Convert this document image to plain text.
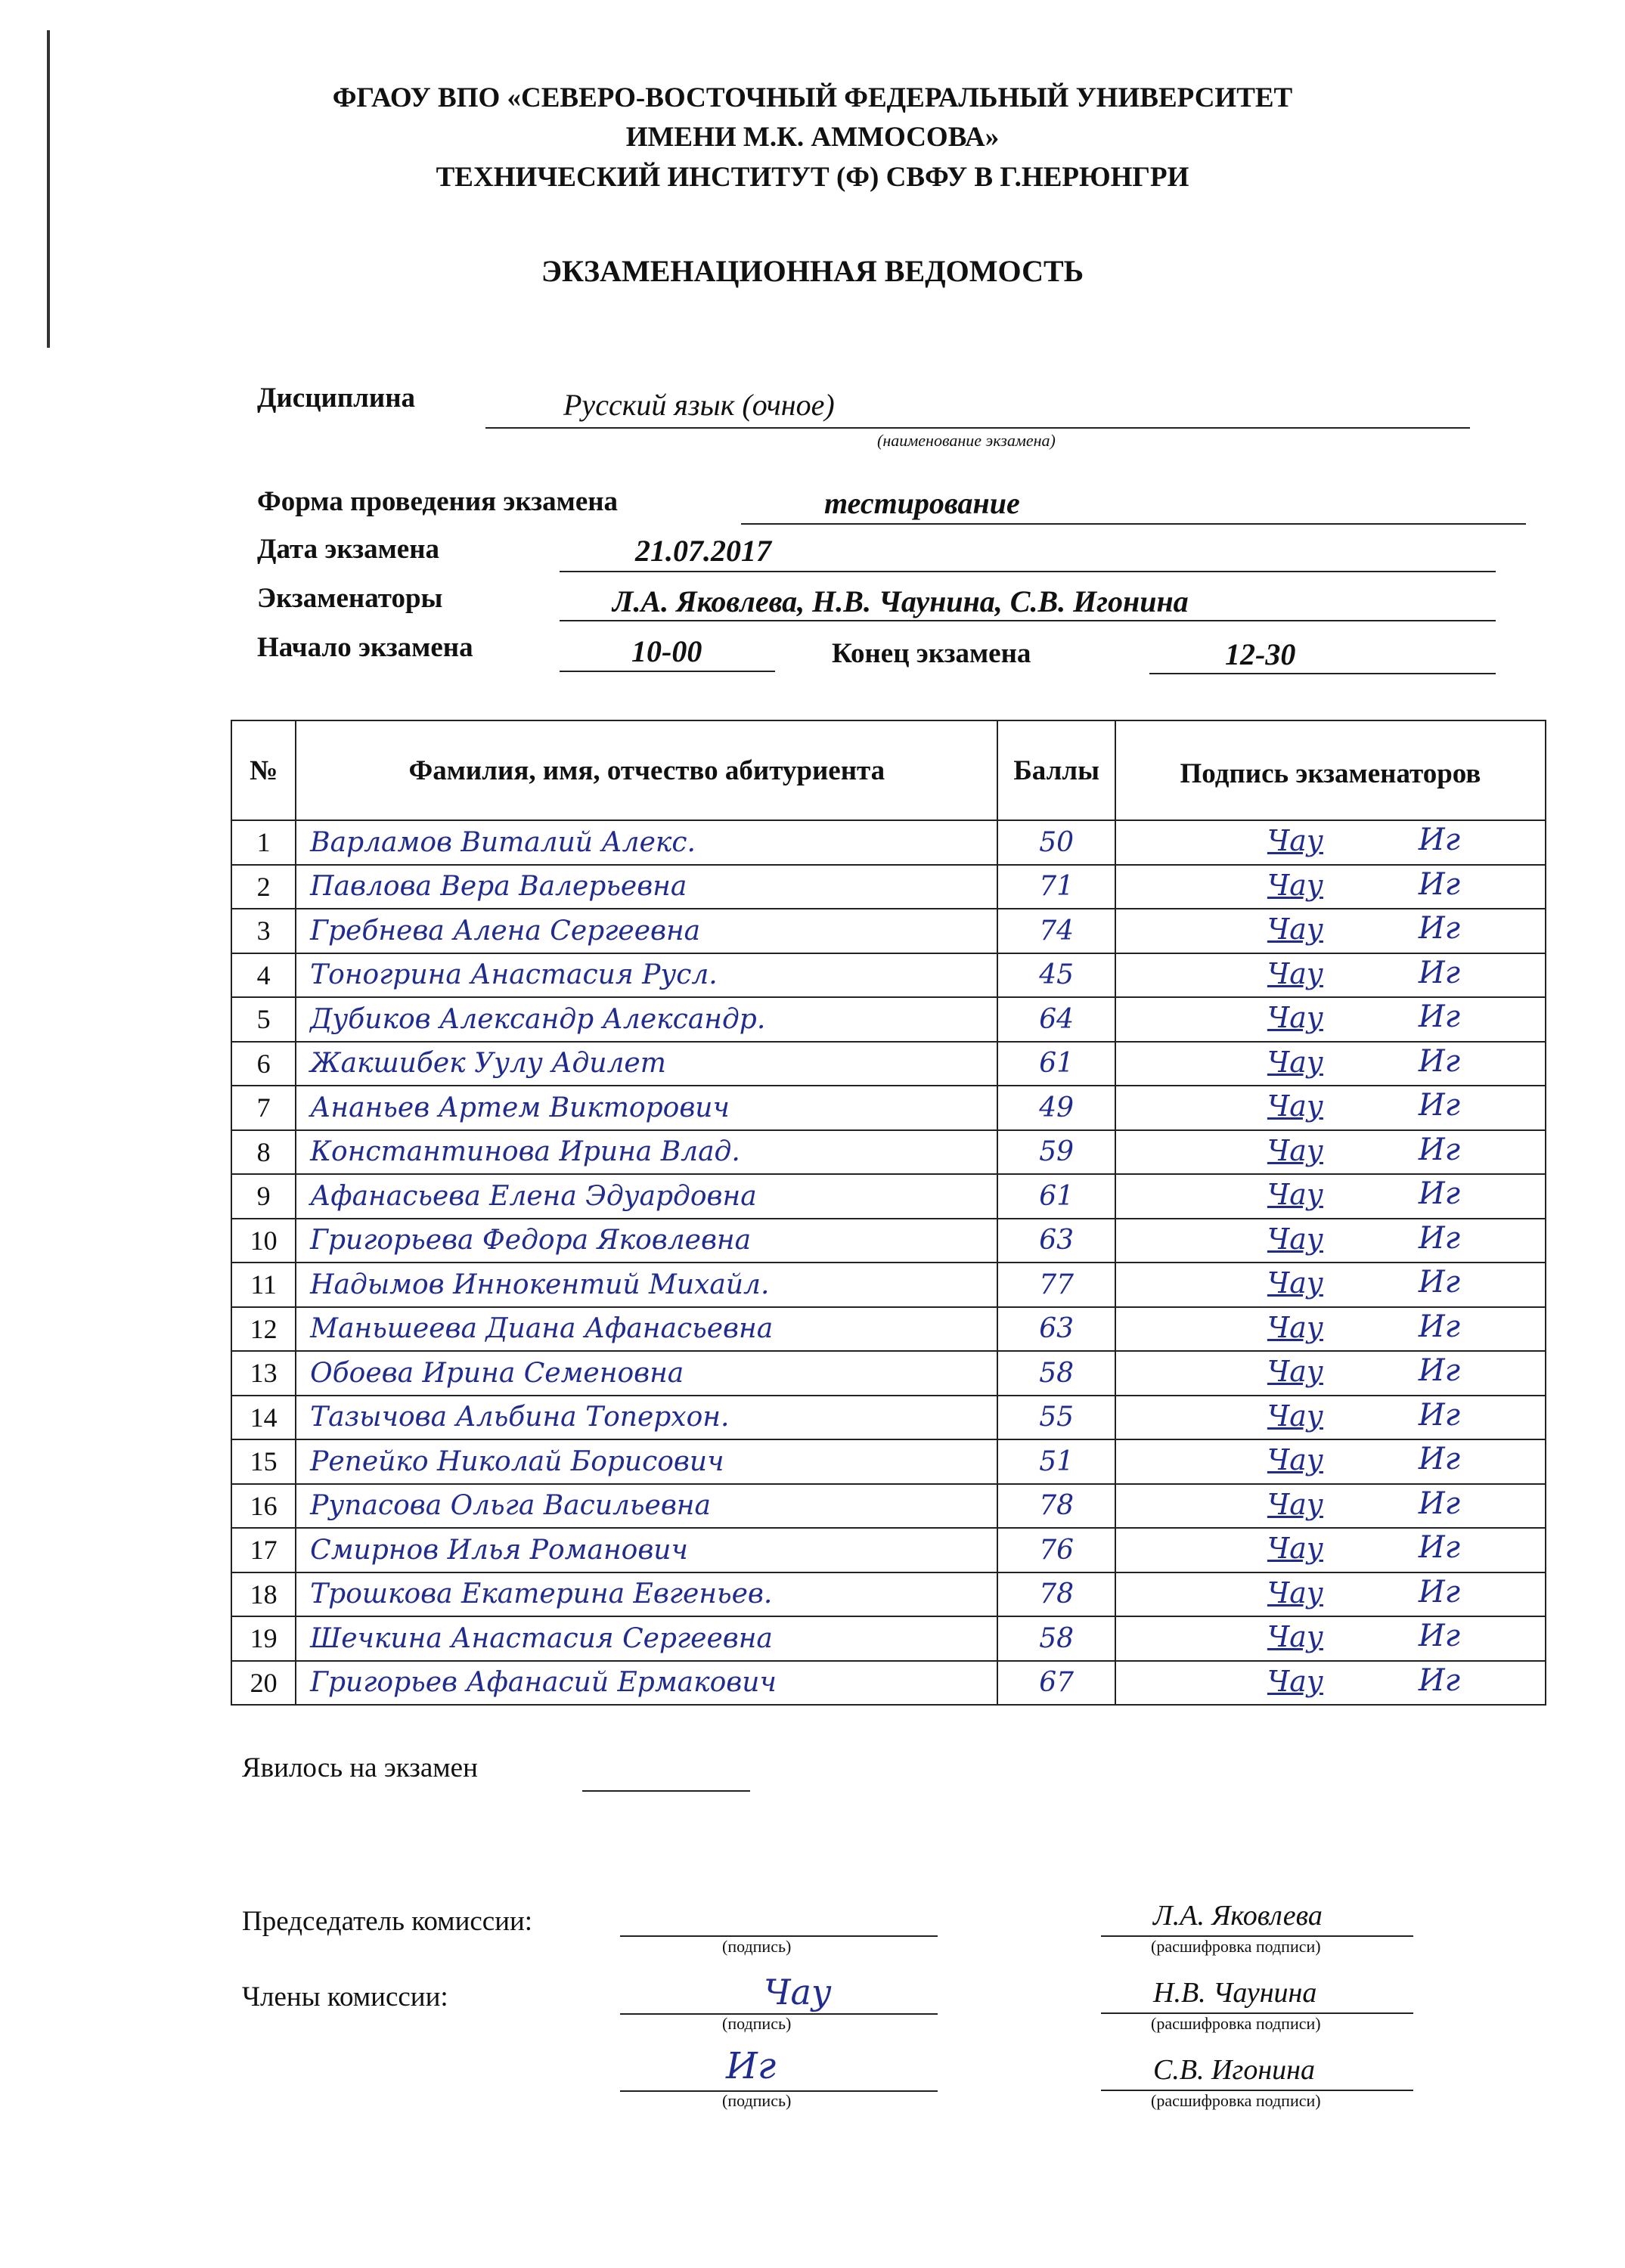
ФГАОУ ВПО «СЕВЕРО-ВОСТОЧНЫЙ ФЕДЕРАЛЬНЫЙ УНИВЕРСИТЕТ
ИМЕНИ М.К. АММОСОВА»
ТЕХНИЧЕСКИЙ ИНСТИТУТ (Ф) СВФУ В Г.НЕРЮНГРИ
ЭКЗАМЕНАЦИОННАЯ ВЕДОМОСТЬ
Дисциплина	Русский язык (очное)
(наименование экзамена)
Форма проведения экзамена	тестирование
Дата экзамена	21.07.2017
Экзаменаторы	Л.А. Яковлева, Н.В. Чаунина, С.В. Игонина
Начало экзамена	10-00	Конец экзамена	12-30
№	Фамилия, имя, отчество абитуриента	Баллы	Подпись экзаменаторов
1	Варламов Виталий Алекс.	50	Чау Иг

2	Павлова Вера Валерьевна	71	Чау Иг

3	Гребнева Алена Сергеевна	74	Чау Иг

4	Тоногрина Анастасия Русл.	45	Чау Иг

5	Дубиков Александр Александр.	64	Чау Иг

6	Жакшибек Уулу Адилет	61	Чау Иг

7	Ананьев Артем Викторович	49	Чау Иг

8	Константинова Ирина Влад.	59	Чау Иг

9	Афанасьева Елена Эдуардовна	61	Чау Иг

10	Григорьева Федора Яковлевна	63	Чау Иг

11	Надымов Иннокентий Михайл.	77	Чау Иг

12	Маньшеева Диана Афанасьевна	63	Чау Иг

13	Обоева Ирина Семеновна	58	Чау Иг

14	Тазычова Альбина Топерхон.	55	Чау Иг

15	Репейко Николай Борисович	51	Чау Иг

16	Рупасова Ольга Васильевна	78	Чау Иг

17	Смирнов Илья Романович	76	Чау Иг

18	Трошкова Екатерина Евгеньев.	78	Чау Иг

19	Шечкина Анастасия Сергеевна	58	Чау Иг

20	Григорьев Афанасий Ермакович	67	Чау Иг
Явилось на экзамен
Председатель комиссии:
(подпись)
Л.А. Яковлева
(расшифровка подписи)
Члены комиссии:	Чау
(подпись)
Н.В. Чаунина
(расшифровка подписи)
Иг
(подпись)
С.В. Игонина
(расшифровка подписи)
